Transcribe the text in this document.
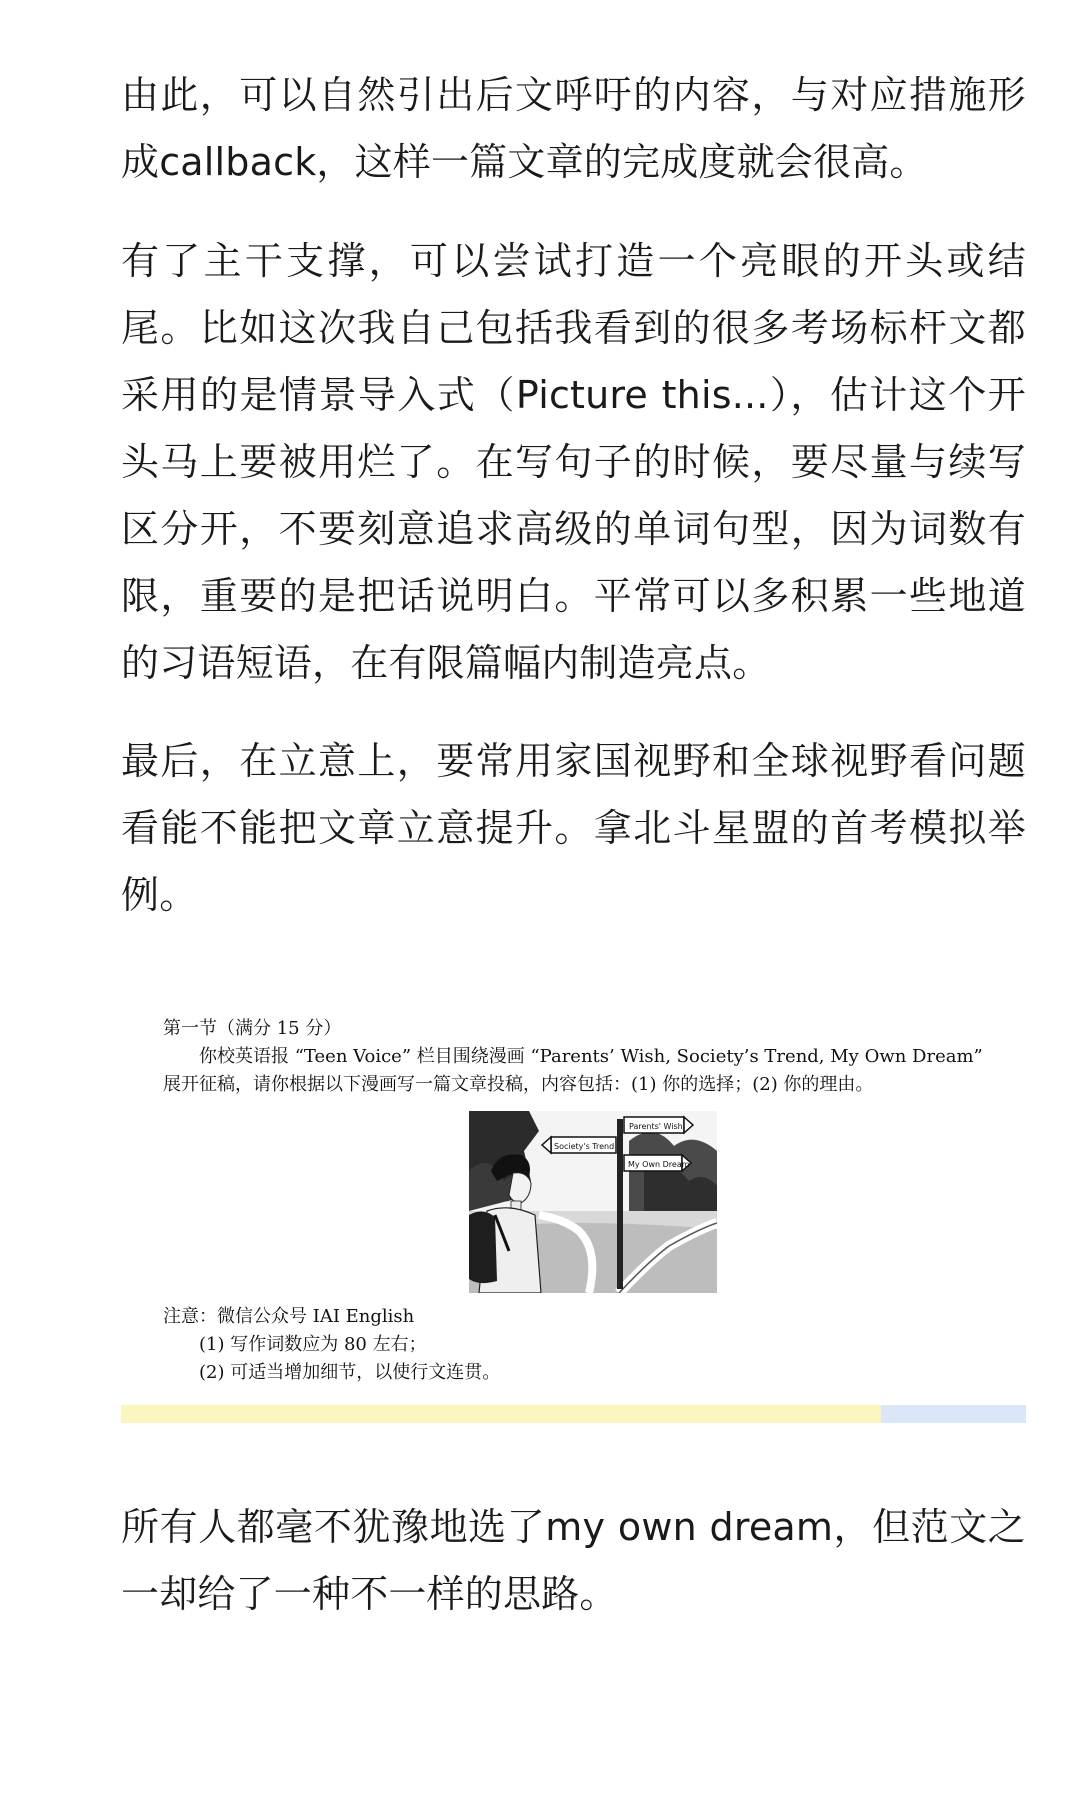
由此，可以自然引出后文呼吁的内容，与对应措施形成callback，这样一篇文章的完成度就会很高。

有了主干支撑，可以尝试打造一个亮眼的开头或结尾。比如这次我自己包括我看到的很多考场标杆文都采用的是情景导入式（Picture this...），估计这个开头马上要被用烂了。在写句子的时候，要尽量与续写区分开，不要刻意追求高级的单词句型，因为词数有限，重要的是把话说明白。平常可以多积累一些地道的习语短语，在有限篇幅内制造亮点。

最后，在立意上，要常用家国视野和全球视野看问题看能不能把文章立意提升。拿北斗星盟的首考模拟举例。

所有人都毫不犹豫地选了my own dream，但范文之一却给了一种不一样的思路。

第一节（满分 15 分）
你校英语报 “Teen Voice” 栏目围绕漫画 “Parents’ Wish, Society’s Trend, My Own Dream”
展开征稿，请你根据以下漫画写一篇文章投稿，内容包括：(1) 你的选择；(2) 你的理由。
Parents' Wish
Society's Trend
My Own Dream
注意：微信公众号 IAI English
(1) 写作词数应为 80 左右；
(2) 可适当增加细节，以使行文连贯。
